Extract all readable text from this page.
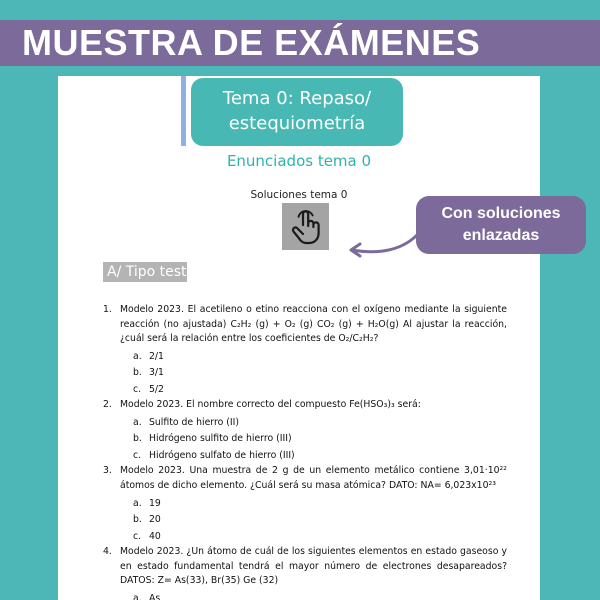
MUESTRA DE EXÁMENES
Tema 0: Repaso/
estequiometría
Enunciados tema 0
Soluciones tema 0
Con soluciones
enlazadas
A/ Tipo test
1. Modelo 2023. El acetileno o etino reacciona con el oxígeno mediante la siguiente reacción (no ajustada) C₂H₂ (g) + O₂ (g) CO₂ (g) + H₂O(g) Al ajustar la reacción, ¿cuál será la relación entre los coeficientes de O₂/C₂H₂?
a. 2/1
b. 3/1
c. 5/2
2. Modelo 2023. El nombre correcto del compuesto Fe(HSO₃)₃ será:
a. Sulfito de hierro (II)
b. Hidrógeno sulfito de hierro (III)
c. Hidrógeno sulfato de hierro (III)
3. Modelo 2023. Una muestra de 2 g de un elemento metálico contiene 3,01·10²² átomos de dicho elemento. ¿Cuál será su masa atómica? DATO: NA= 6,023x10²³
a. 19
b. 20
c. 40
4. Modelo 2023. ¿Un átomo de cuál de los siguientes elementos en estado gaseoso y en estado fundamental tendrá el mayor número de electrones desapareados? DATOS: Z= As(33), Br(35) Ge (32)
a. As
